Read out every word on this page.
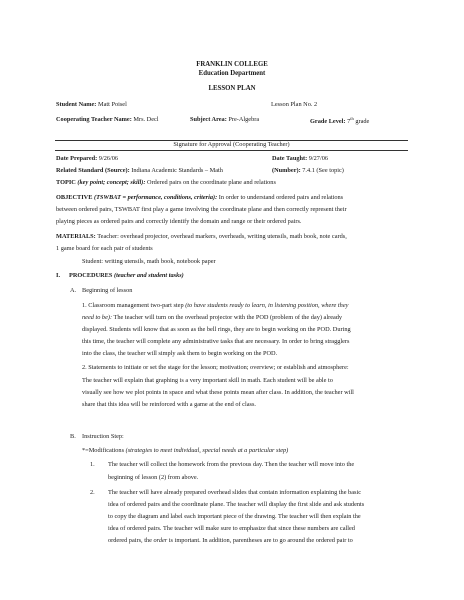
FRANKLIN COLLEGE
Education Department
LESSON PLAN
Student Name: Matt Poisel	Lesson Plan No. 2
Cooperating Teacher Name: Mrs. Decl	Subject Area: Pre-Algebra	Grade Level: 7th grade
Signature for Approval (Cooperating Teacher)
Date Prepared: 9/26/06	Date Taught: 9/27/06
Related Standard (Source): Indiana Academic Standards – Math	(Number): 7.4.1 (See topic)
TOPIC (key point; concept; skill): Ordered pairs on the coordinate plane and relations
OBJECTIVE (TSWBAT = performance, conditions, criteria): In order to understand ordered pairs and relations
between ordered pairs, TSWBAT first play a game involving the coordinate plane and then correctly represent their
playing pieces as ordered pairs and correctly identify the domain and range or their ordered pairs.
MATERIALS: Teacher: overhead projector, overhead markers, overheads, writing utensils, math book, note cards,
1 game board for each pair of students
Student: writing utensils, math book, notebook paper
I. PROCEDURES (teacher and student tasks)
A. Beginning of lesson
1. Classroom management two-part step (to have students ready to learn, in listening position, where they
need to be): The teacher will turn on the overhead projector with the POD (problem of the day) already
displayed. Students will know that as soon as the bell rings, they are to begin working on the POD. During
this time, the teacher will complete any administrative tasks that are necessary. In order to bring stragglers
into the class, the teacher will simply ask them to begin working on the POD.
2. Statements to initiate or set the stage for the lesson; motivation; overview; or establish and atmosphere:
The teacher will explain that graphing is a very important skill in math. Each student will be able to
visually see how we plot points in space and what these points mean after class. In addition, the teacher will
share that this idea will be reinforced with a game at the end of class.
B. Instruction Step:
*=Modifications (strategies to meet individual, special needs at a particular step)
1. The teacher will collect the homework from the previous day. Then the teacher will move into the
beginning of lesson (2) from above.
2. The teacher will have already prepared overhead slides that contain information explaining the basic
idea of ordered pairs and the coordinate plane. The teacher will display the first slide and ask students
to copy the diagram and label each important piece of the drawing. The teacher will then explain the
idea of ordered pairs. The teacher will make sure to emphasize that since these numbers are called
ordered pairs, the order is important. In addition, parentheses are to go around the ordered pair to
